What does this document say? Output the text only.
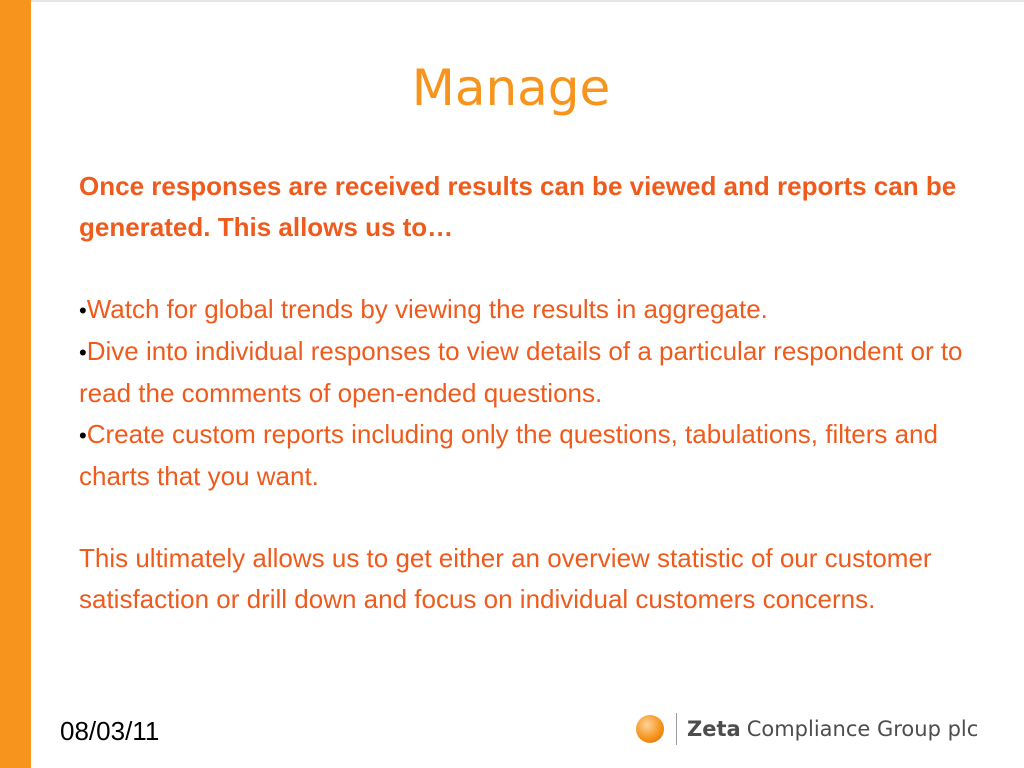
Manage

Once responses are received results can be viewed and reports can be generated. This allows us to…

•Watch for global trends by viewing the results in aggregate.

•Dive into individual responses to view details of a particular respondent or to read the comments of open-ended questions.

•Create custom reports including only the questions, tabulations, filters and charts that you want.

This ultimately allows us to get either an overview statistic of our customer satisfaction or drill down and focus on individual customers concerns.

08/03/11	Zeta Compliance Group plc
